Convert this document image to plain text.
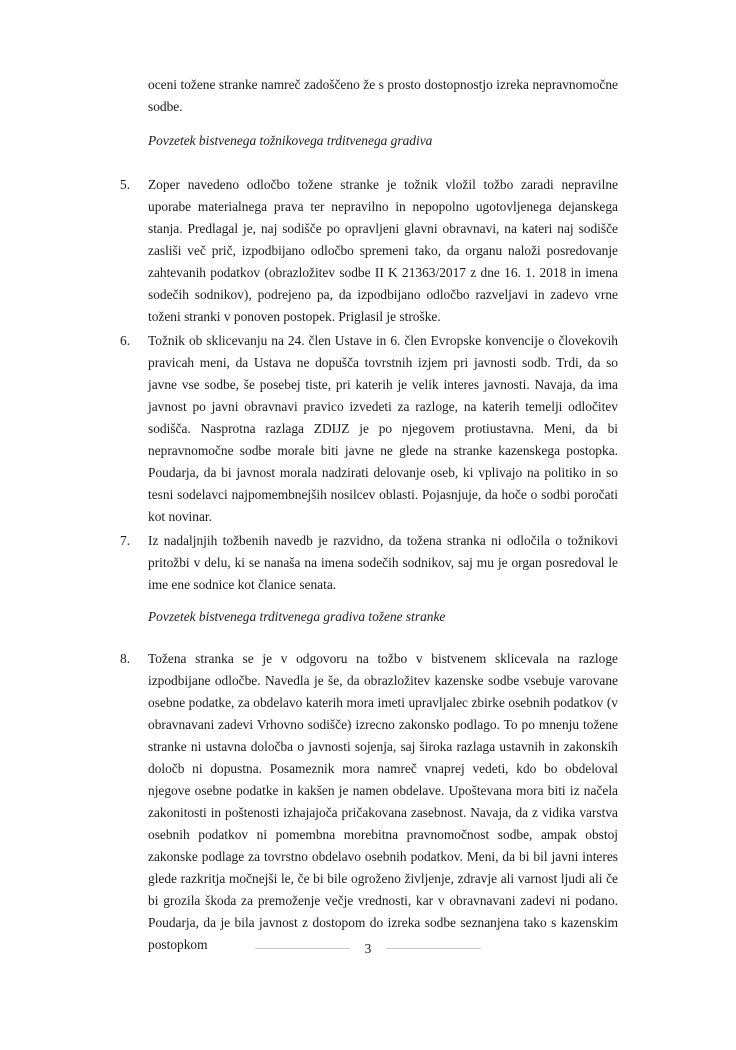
oceni tožene stranke namreč zadoščeno že s prosto dostopnostjo izreka nepravnomočne sodbe.
Povzetek bistvenega tožnikovega trditvenega gradiva
5.	Zoper navedeno odločbo tožene stranke je tožnik vložil tožbo zaradi nepravilne uporabe materialnega prava ter nepravilno in nepopolno ugotovljenega dejanskega stanja. Predlagal je, naj sodišče po opravljeni glavni obravnavi, na kateri naj sodišče zasliši več prič, izpodbijano odločbo spremeni tako, da organu naloži posredovanje zahtevanih podatkov (obrazložitev sodbe II K 21363/2017 z dne 16. 1. 2018 in imena sodečih sodnikov), podrejeno pa, da izpodbijano odločbo razveljavi in zadevo vrne toženi stranki v ponoven postopek. Priglasil je stroške.
6.	Tožnik ob sklicevanju na 24. člen Ustave in 6. člen Evropske konvencije o človekovih pravicah meni, da Ustava ne dopušča tovrstnih izjem pri javnosti sodb. Trdi, da so javne vse sodbe, še posebej tiste, pri katerih je velik interes javnosti. Navaja, da ima javnost po javni obravnavi pravico izvedeti za razloge, na katerih temelji odločitev sodišča. Nasprotna razlaga ZDIJZ je po njegovem protiustavna. Meni, da bi nepravnomočne sodbe morale biti javne ne glede na stranke kazenskega postopka. Poudarja, da bi javnost morala nadzirati delovanje oseb, ki vplivajo na politiko in so tesni sodelavci najpomembnejših nosilcev oblasti. Pojasnjuje, da hoče o sodbi poročati kot novinar.
7.	Iz nadaljnjih tožbenih navedb je razvidno, da tožena stranka ni odločila o tožnikovi pritožbi v delu, ki se nanaša na imena sodečih sodnikov, saj mu je organ posredoval le ime ene sodnice kot članice senata.
Povzetek bistvenega trditvenega gradiva tožene stranke
8.	Tožena stranka se je v odgovoru na tožbo v bistvenem sklicevala na razloge izpodbijane odločbe. Navedla je še, da obrazložitev kazenske sodbe vsebuje varovane osebne podatke, za obdelavo katerih mora imeti upravljalec zbirke osebnih podatkov (v obravnavani zadevi Vrhovno sodišče) izrecno zakonsko podlago. To po mnenju tožene stranke ni ustavna določba o javnosti sojenja, saj široka razlaga ustavnih in zakonskih določb ni dopustna. Posameznik mora namreč vnaprej vedeti, kdo bo obdeloval njegove osebne podatke in kakšen je namen obdelave. Upoštevana mora biti iz načela zakonitosti in poštenosti izhajajoča pričakovana zasebnost. Navaja, da z vidika varstva osebnih podatkov ni pomembna morebitna pravnomočnost sodbe, ampak obstoj zakonske podlage za tovrstno obdelavo osebnih podatkov. Meni, da bi bil javni interes glede razkritja močnejši le, če bi bile ogroženo življenje, zdravje ali varnost ljudi ali če bi grozila škoda za premoženje večje vrednosti, kar v obravnavani zadevi ni podano. Poudarja, da je bila javnost z dostopom do izreka sodbe seznanjena tako s kazenskim postopkom	3
